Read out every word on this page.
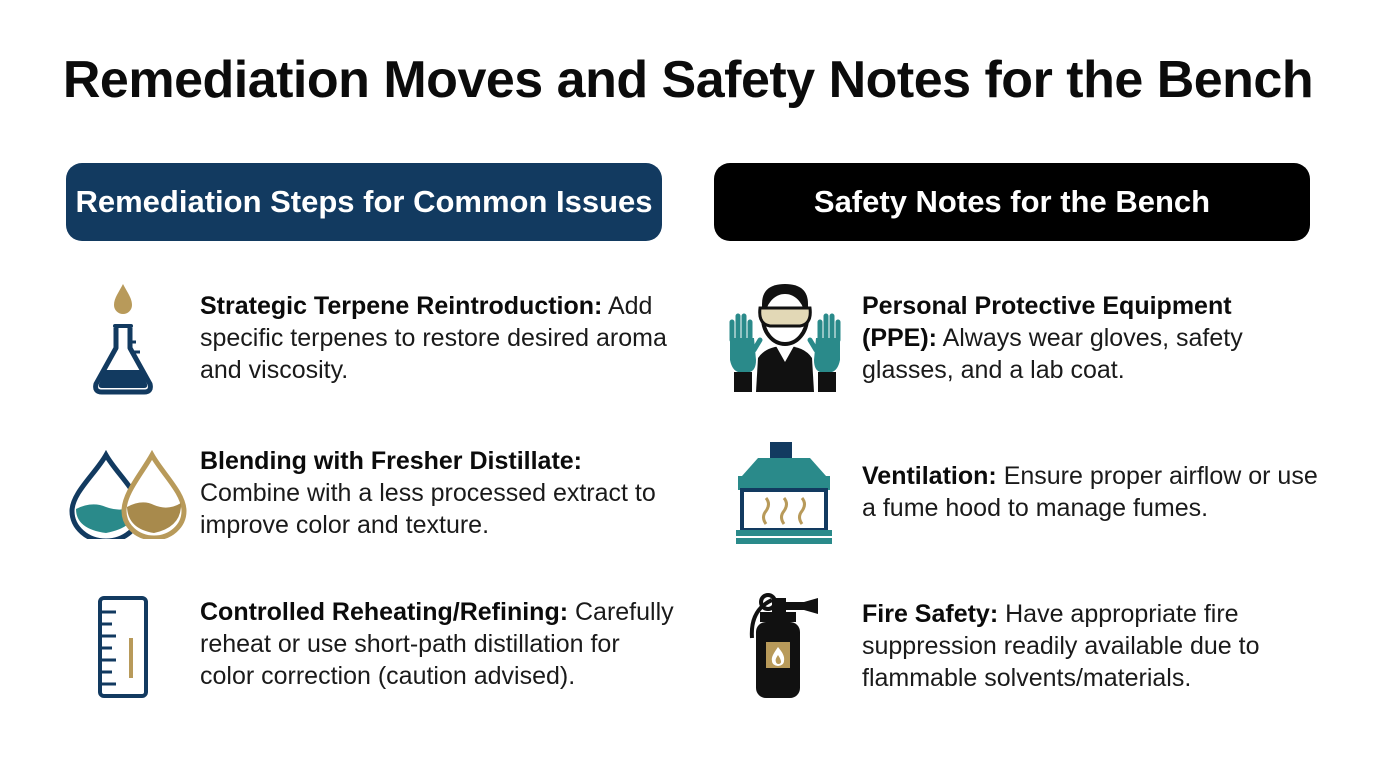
Remediation Moves and Safety Notes for the Bench
Remediation Steps for Common Issues	Safety Notes for the Bench
Strategic Terpene Reintroduction: Add specific terpenes to restore desired aroma and viscosity.
Blending with Fresher Distillate: Combine with a less processed extract to improve color and texture.
Controlled Reheating/Refining: Carefully reheat or use short-path distillation for color correction (caution advised).
Personal Protective Equipment (PPE): Always wear gloves, safety glasses, and a lab coat.
Ventilation: Ensure proper airflow or use a fume hood to manage fumes.
Fire Safety: Have appropriate fire suppression readily available due to flammable solvents/materials.
